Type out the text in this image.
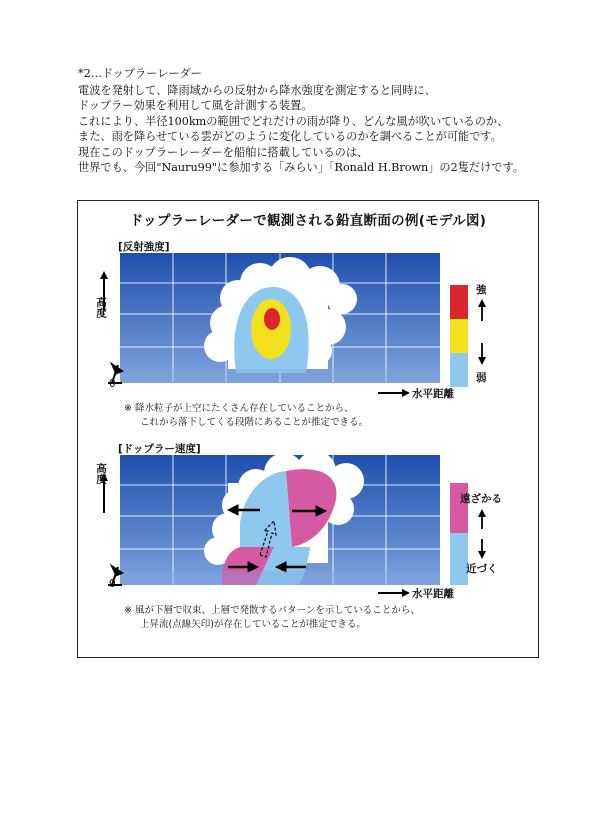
*2…ドップラーレーダー
電波を発射して、降雨域からの反射から降水強度を測定すると同時に、
ドップラー効果を利用して風を計測する装置。
これにより、半径100kmの範囲でどれだけの雨が降り、どんな風が吹いているのか、
また、雨を降らせている雲がどのように変化しているのかを調べることが可能です。
現在このドップラーレーダーを船舶に搭載しているのは、
世界でも、今回"Nauru99"に参加する「みらい」「Ronald H.Brown」の2隻だけです。
ドップラーレーダーで観測される鉛直断面の例(モデル図)
[反射強度]
高度
0
水平距離
強
弱
※ 降水粒子が上空にたくさん存在していることから、
これから落下してくる段階にあることが推定できる。
[ドップラー速度]
高度
0
水平距離
遠ざかる
近づく
※ 風が下層で収束、上層で発散するパターンを示していることから、
上昇流(点線矢印)が存在していることが推定できる。
